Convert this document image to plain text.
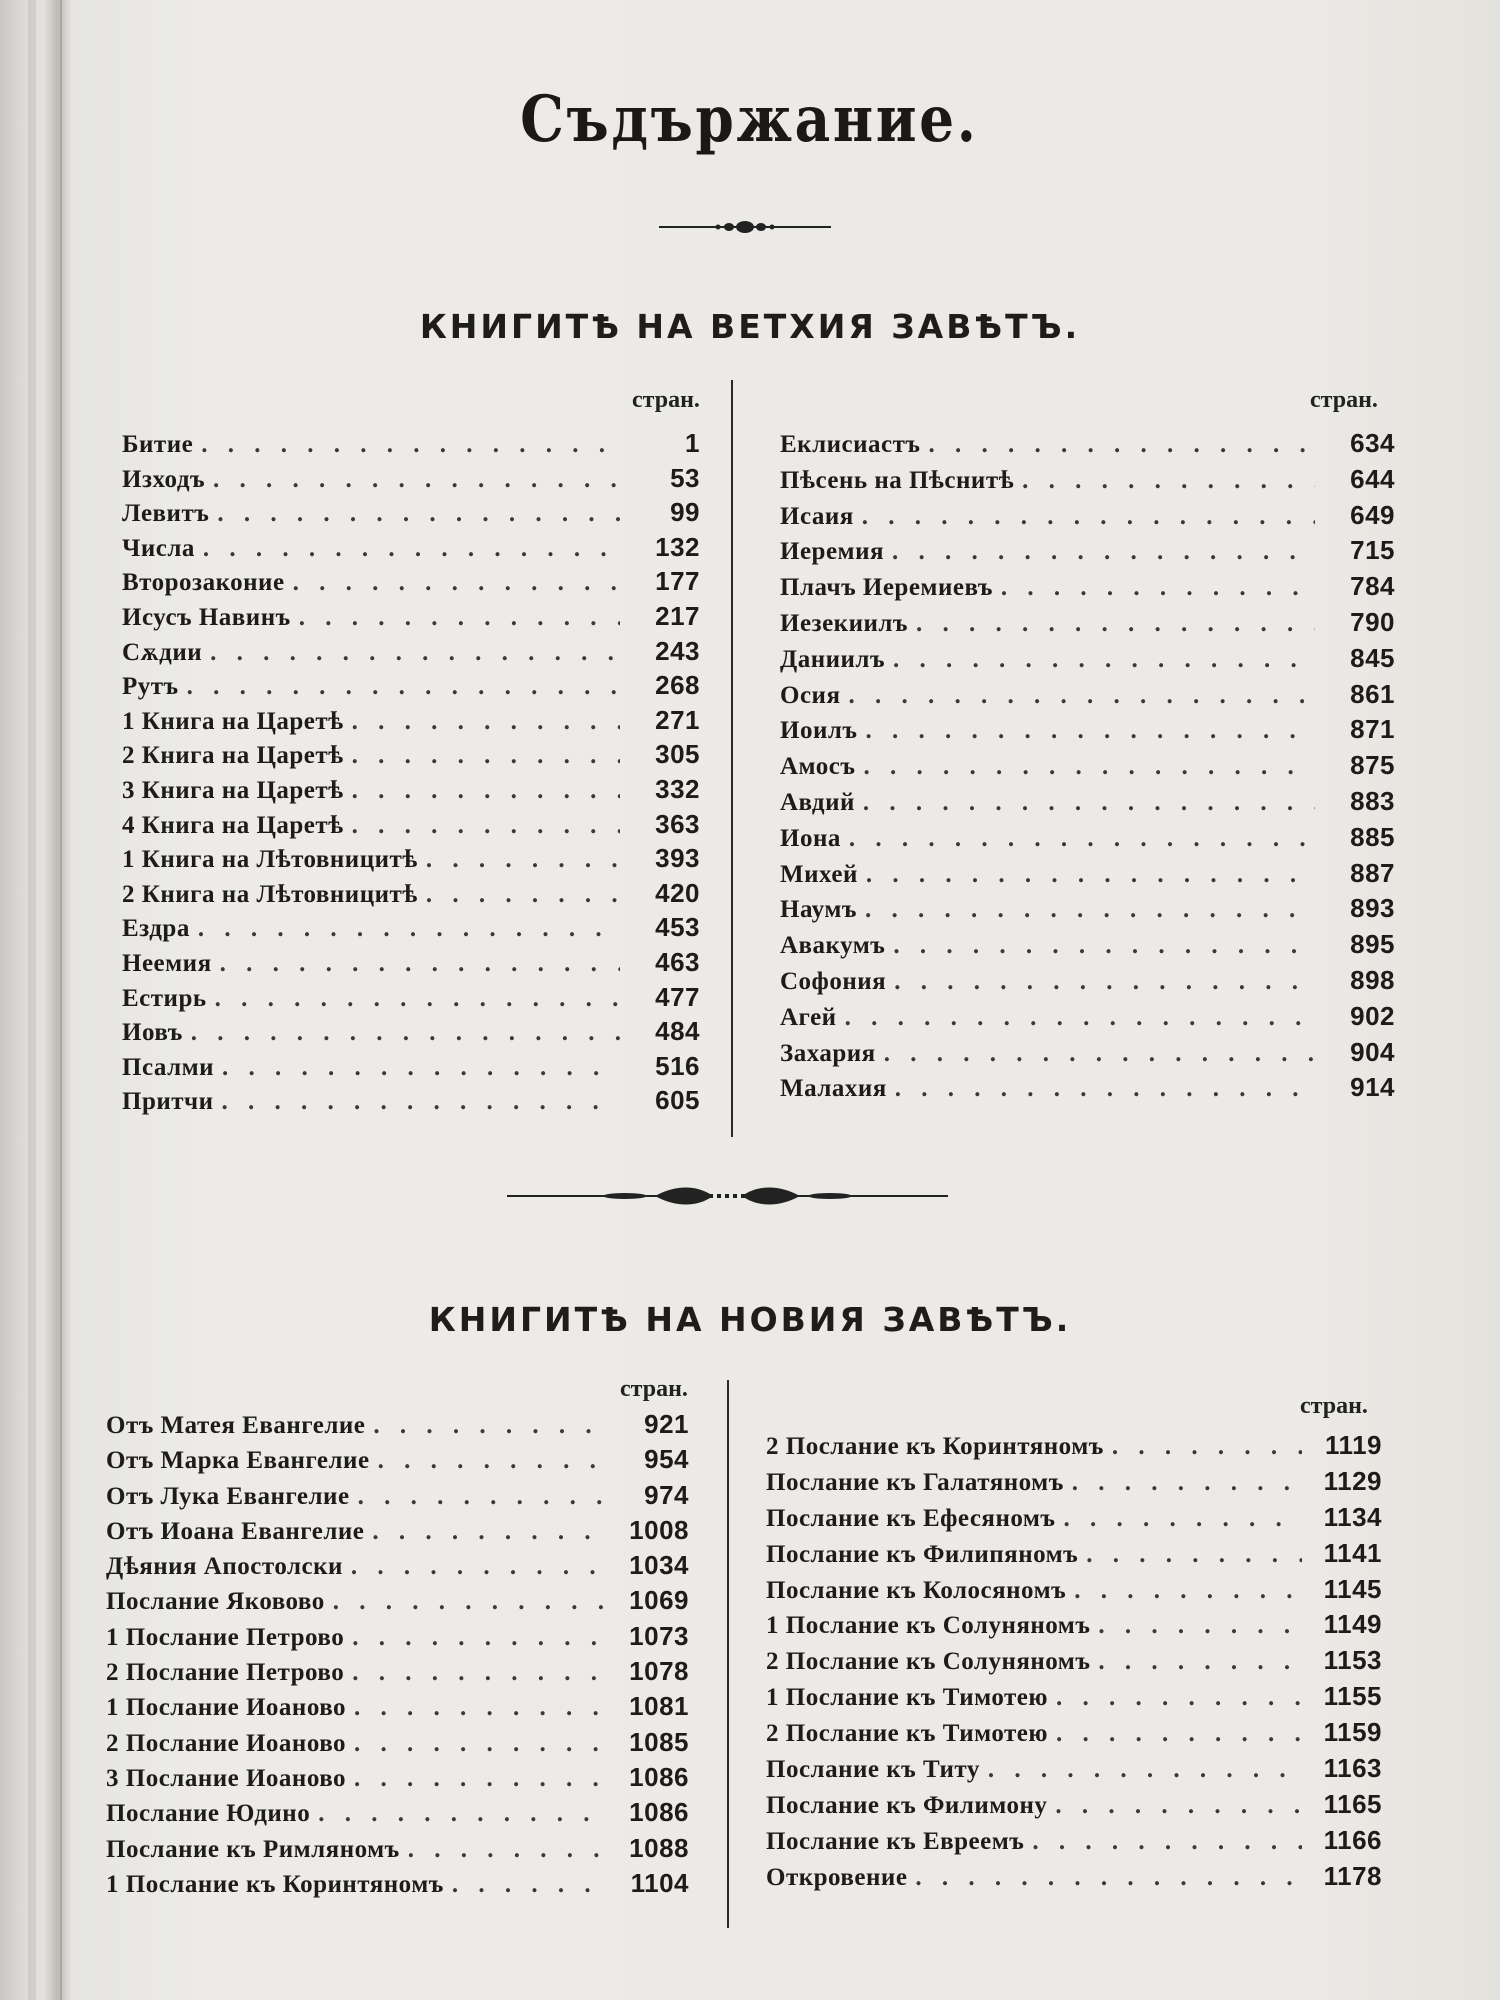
Съдържание.
КНИГИТѢ НА ВЕТХИЯ ЗАВѢТЪ.
стран.	стран.
Битие . . .	1
Изходъ . . .	53
Левитъ . . .	99
Числа . . .	132
Второзаконие . . .	177
Исусъ Навинъ . . .	217
Сѫдии . . .	243
Рутъ . . .	268
1 Книга на Царетѣ . . .	271
2 Книга на Царетѣ . . .	305
3 Книга на Царетѣ . . .	332
4 Книга на Царетѣ . . .	363
1 Книга на Лѣтовницитѣ . . .	393
2 Книга на Лѣтовницитѣ . . .	420
Ездра . . .	453
Неемия . . .	463
Естирь . . .	477
Иовъ . . .	484
Псалми . . .	516
Притчи . . .	605
Еклисиастъ . . .	634
Пѣсень на Пѣснитѣ . . .	644
Исаия . . .	649
Иеремия . . .	715
Плачъ Иеремиевъ . . .	784
Иезекиилъ . . .	790
Даниилъ . . .	845
Осия . . .	861
Иоилъ . . .	871
Амосъ . . .	875
Авдий . . .	883
Иона . . .	885
Михей . . .	887
Наумъ . . .	893
Авакумъ . . .	895
Софония . . .	898
Агей . . .	902
Захария . . .	904
Малахия . . .	914
КНИГИТѢ НА НОВИЯ ЗАВѢТЪ.
стран.
стран.
Отъ Матея Евангелие . . .	921
Отъ Марка Евангелие . . .	954
Отъ Лука Евангелие . . .	974
Отъ Иоана Евангелие . . .	1008
Дѣяния Апостолски . . .	1034
Послание Яковово . . .	1069
1 Послание Петрово . . .	1073
2 Послание Петрово . . .	1078
1 Послание Иоаново . . .	1081
2 Послание Иоаново . . .	1085
3 Послание Иоаново . . .	1086
Послание Юдино . . .	1086
Послание къ Римляномъ . . .	1088
1 Послание къ Коринтяномъ . . .	1104
2 Послание къ Коринтяномъ . . .	1119
Послание къ Галатяномъ . . .	1129
Послание къ Ефесяномъ . . .	1134
Послание къ Филипяномъ . . .	1141
Послание къ Колосяномъ . . .	1145
1 Послание къ Солуняномъ . . .	1149
2 Послание къ Солуняномъ . . .	1153
1 Послание къ Тимотею . . .	1155
2 Послание къ Тимотею . . .	1159
Послание къ Титу . . .	1163
Послание къ Филимону . . .	1165
Послание къ Евреемъ . . .	1166
Откровение . . .	1178
